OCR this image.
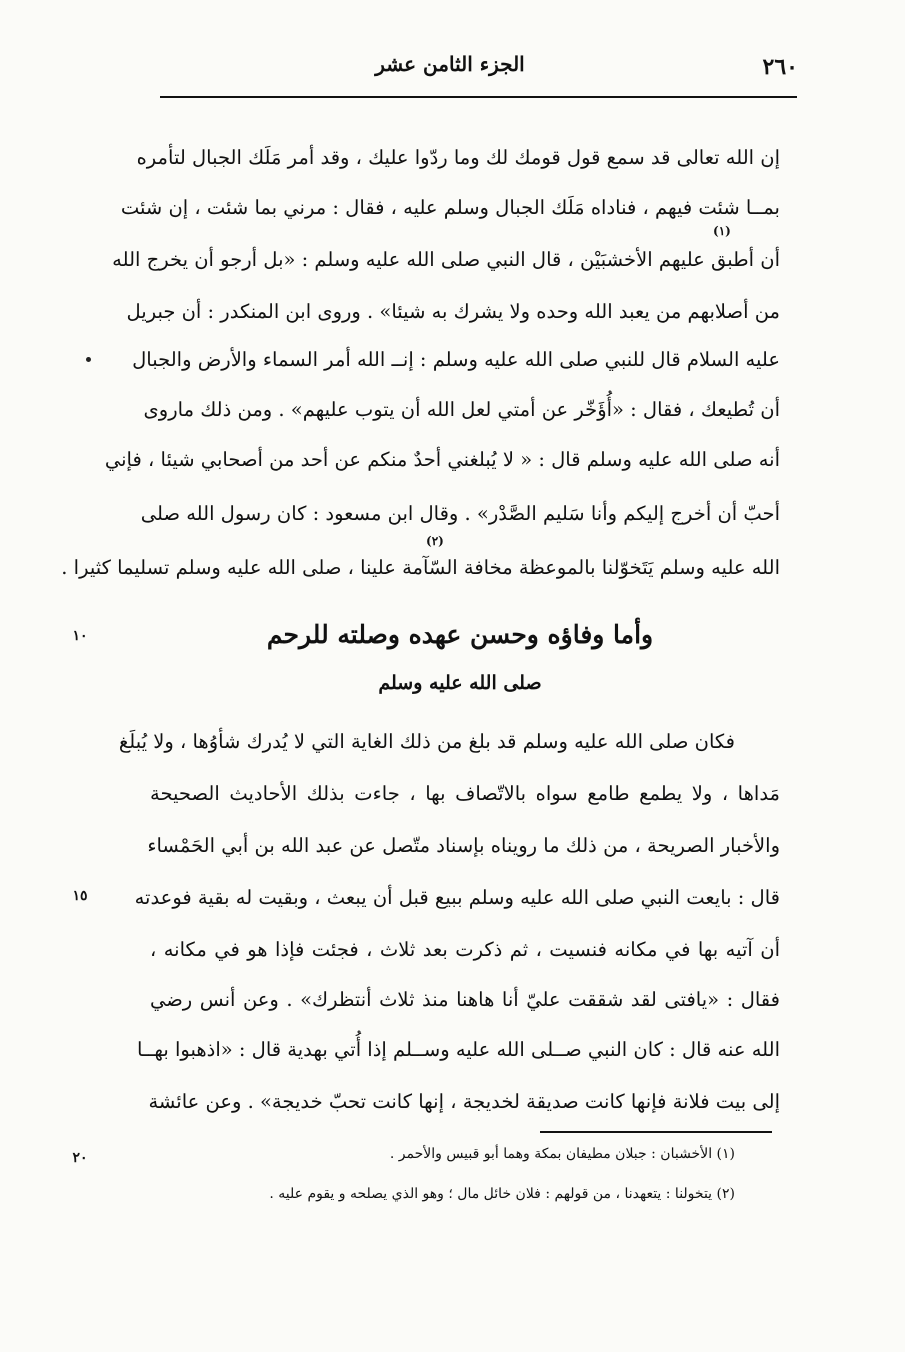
٢٦٠
الجزء الثامن عشر
إن الله تعالى قد سمع قول قومك لك وما ردّوا عليك ، وقد أمر مَلَك الجبال لتأمره
بمــا شئت فيهم ، فناداه مَلَك الجبال وسلم عليه ، فقال : مرني بما شئت ، إن شئت
(١)
أن أطبق عليهم الأخشبَيْن ، قال النبي صلى الله عليه وسلم : «بل أرجو أن يخرج الله
من أصلابهم من يعبد الله وحده ولا يشرك به شيئا» . وروى ابن المنكدر : أن جبريل
عليه السلام قال للنبي صلى الله عليه وسلم : إنــ الله أمر السماء والأرض والجبال
أن تُطيعك ، فقال : «أُؤَخّر عن أمتي لعل الله أن يتوب عليهم» . ومن ذلك ماروى
أنه صلى الله عليه وسلم قال : « لا يُبلغني أحدٌ منكم عن أحد من أصحابي شيئا ، فإني
أحبّ أن أخرج إليكم وأنا سَليم الصَّدْر» . وقال ابن مسعود : كان رسول الله صلى
(٢)
الله عليه وسلم يَتَخوّلنا بالموعظة مخافة السّآمة علينا ، صلى الله عليه وسلم تسليما كثيرا .
وأما وفاؤه وحسن عهده وصلته للرحم
١٠
صلى الله عليه وسلم
فكان صلى الله عليه وسلم قد بلغ من ذلك الغاية التي لا يُدرك شأوُها ، ولا يُبلَغ
مَداها ، ولا يطمع طامع سواه بالاتّصاف بها ، جاءت بذلك الأحاديث الصحيحة
والأخبار الصريحة ، من ذلك ما رويناه بإسناد متّصل عن عبد الله بن أبي الحَمْساء
١٥	قال : بايعت النبي صلى الله عليه وسلم ببيع قبل أن يبعث ، وبقيت له بقية فوعدته
أن آتيه بها في مكانه فنسيت ، ثم ذكرت بعد ثلاث ، فجئت فإذا هو في مكانه ،
فقال : «يافتى لقد شققت عليّ أنا هاهنا منذ ثلاث أنتظرك» . وعن أنس رضي
الله عنه قال : كان النبي صــلى الله عليه وســلم إذا أُتي بهدية قال : «اذهبوا بهــا
إلى بيت فلانة فإنها كانت صديقة لخديجة ، إنها كانت تحبّ خديجة» . وعن عائشة
٢٠	(١) الأخشبان : جبلان مطيفان بمكة وهما أبو قبيس والأحمر .
(٢) يتخولنا : يتعهدنا ، من قولهم : فلان خائل مال ؛ وهو الذي يصلحه و يقوم عليه .
